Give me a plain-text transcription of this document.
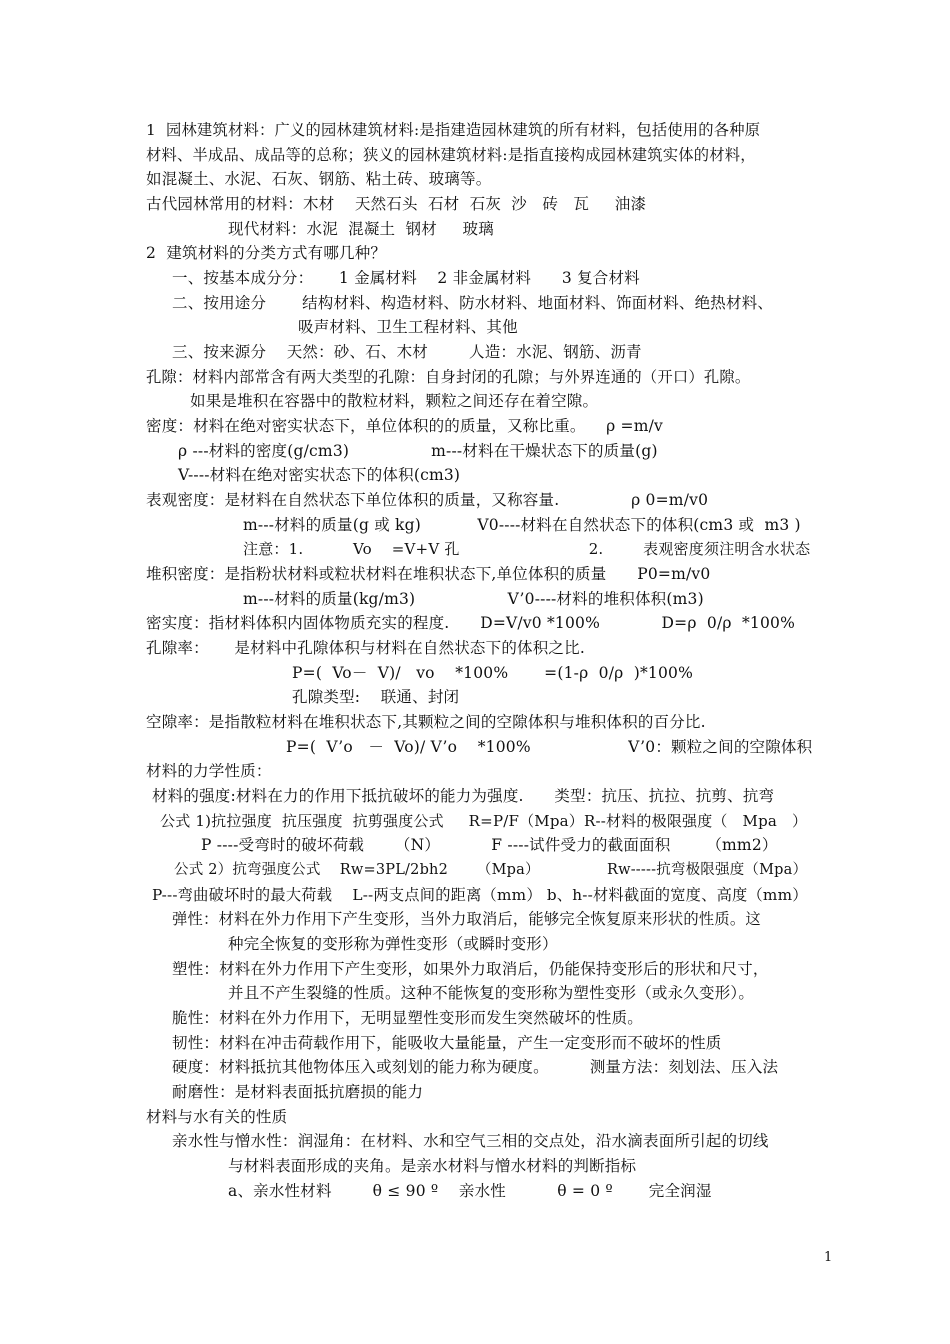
1  园林建筑材料：广义的园林建筑材料:是指建造园林建筑的所有材料，包括使用的各种原
材料、半成品、成品等的总称；狭义的园林建筑材料:是指直接构成园林建筑实体的材料，
如混凝土、水泥、石灰、钢筋、粘土砖、玻璃等。
古代园林常用的材料：木材    天然石头  石材  石灰  沙   砖   瓦     油漆
现代材料：水泥  混凝土  钢材     玻璃
2  建筑材料的分类方式有哪几种？
一、按基本成分分：     1 金属材料    2 非金属材料      3 复合材料
二、按用途分       结构材料、构造材料、防水材料、地面材料、饰面材料、绝热材料、
吸声材料、卫生工程材料、其他
三、按来源分    天然：砂、石、木材        人造：水泥、钢筋、沥青
孔隙：材料内部常含有两大类型的孔隙：自身封闭的孔隙；与外界连通的（开口）孔隙。
如果是堆积在容器中的散粒材料，颗粒之间还存在着空隙。
密度：材料在绝对密实状态下，单位体积的的质量，又称比重。    ρ =m/v
ρ ---材料的密度(g/cm3)                m---材料在干燥状态下的质量(g)
V----材料在绝对密实状态下的体积(cm3)
表观密度：是材料在自然状态下单位体积的质量，又称容量.              ρ 0=m/v0
m---材料的质量(g 或 kg)           V0----材料在自然状态下的体积(cm3 或  m3 )
注意：1.          Vo    =V+V 孔                          2.        表观密度须注明含水状态
堆积密度：是指粉状材料或粒状材料在堆积状态下,单位体积的质量      P0=m/v0
m---材料的质量(kg/m3)                  V’0----材料的堆积体积(m3)
密实度：指材料体积内固体物质充实的程度.      D=V/v0 *100%            D=ρ  0/ρ  *100%
孔隙率：     是材料中孔隙体积与材料在自然状态下的体积之比.
P=(  Vo－  V)/   vo    *100%       =(1-ρ  0/ρ  )*100%
孔隙类型:    联通、封闭
空隙率：是指散粒材料在堆积状态下,其颗粒之间的空隙体积与堆积体积的百分比.
P=(  V’o   －  Vo)/ V’o    *100%                   V’0：颗粒之间的空隙体积
材料的力学性质：
材料的强度:材料在力的作用下抵抗破坏的能力为强度.      类型：抗压、抗拉、抗剪、抗弯
公式 1)抗拉强度  抗压强度  抗剪强度公式     R=P/F（Mpa）R--材料的极限强度（   Mpa   ）
P ----受弯时的破坏荷载      （N）          F ----试件受力的截面面积       （mm2）
公式 2）抗弯强度公式    Rw=3PL/2bh2      （Mpa）              Rw-----抗弯极限强度（Mpa）
P---弯曲破坏时的最大荷载    L--两支点间的距离（mm） b、h--材料截面的宽度、高度（mm）
弹性：材料在外力作用下产生变形，当外力取消后，能够完全恢复原来形状的性质。这
种完全恢复的变形称为弹性变形（或瞬时变形）
塑性：材料在外力作用下产生变形，如果外力取消后，仍能保持变形后的形状和尺寸，
并且不产生裂缝的性质。这种不能恢复的变形称为塑性变形（或永久变形）。
脆性：材料在外力作用下，无明显塑性变形而发生突然破坏的性质。
韧性：材料在冲击荷载作用下，能吸收大量能量，产生一定变形而不破坏的性质
硬度：材料抵抗其他物体压入或刻划的能力称为硬度。        测量方法：刻划法、压入法
耐磨性：是材料表面抵抗磨损的能力
材料与水有关的性质
亲水性与憎水性：润湿角：在材料、水和空气三相的交点处，沿水滴表面所引起的切线
与材料表面形成的夹角。是亲水材料与憎水材料的判断指标
a、亲水性材料        θ ≤ 90 º    亲水性          θ = 0 º       完全润湿
1
